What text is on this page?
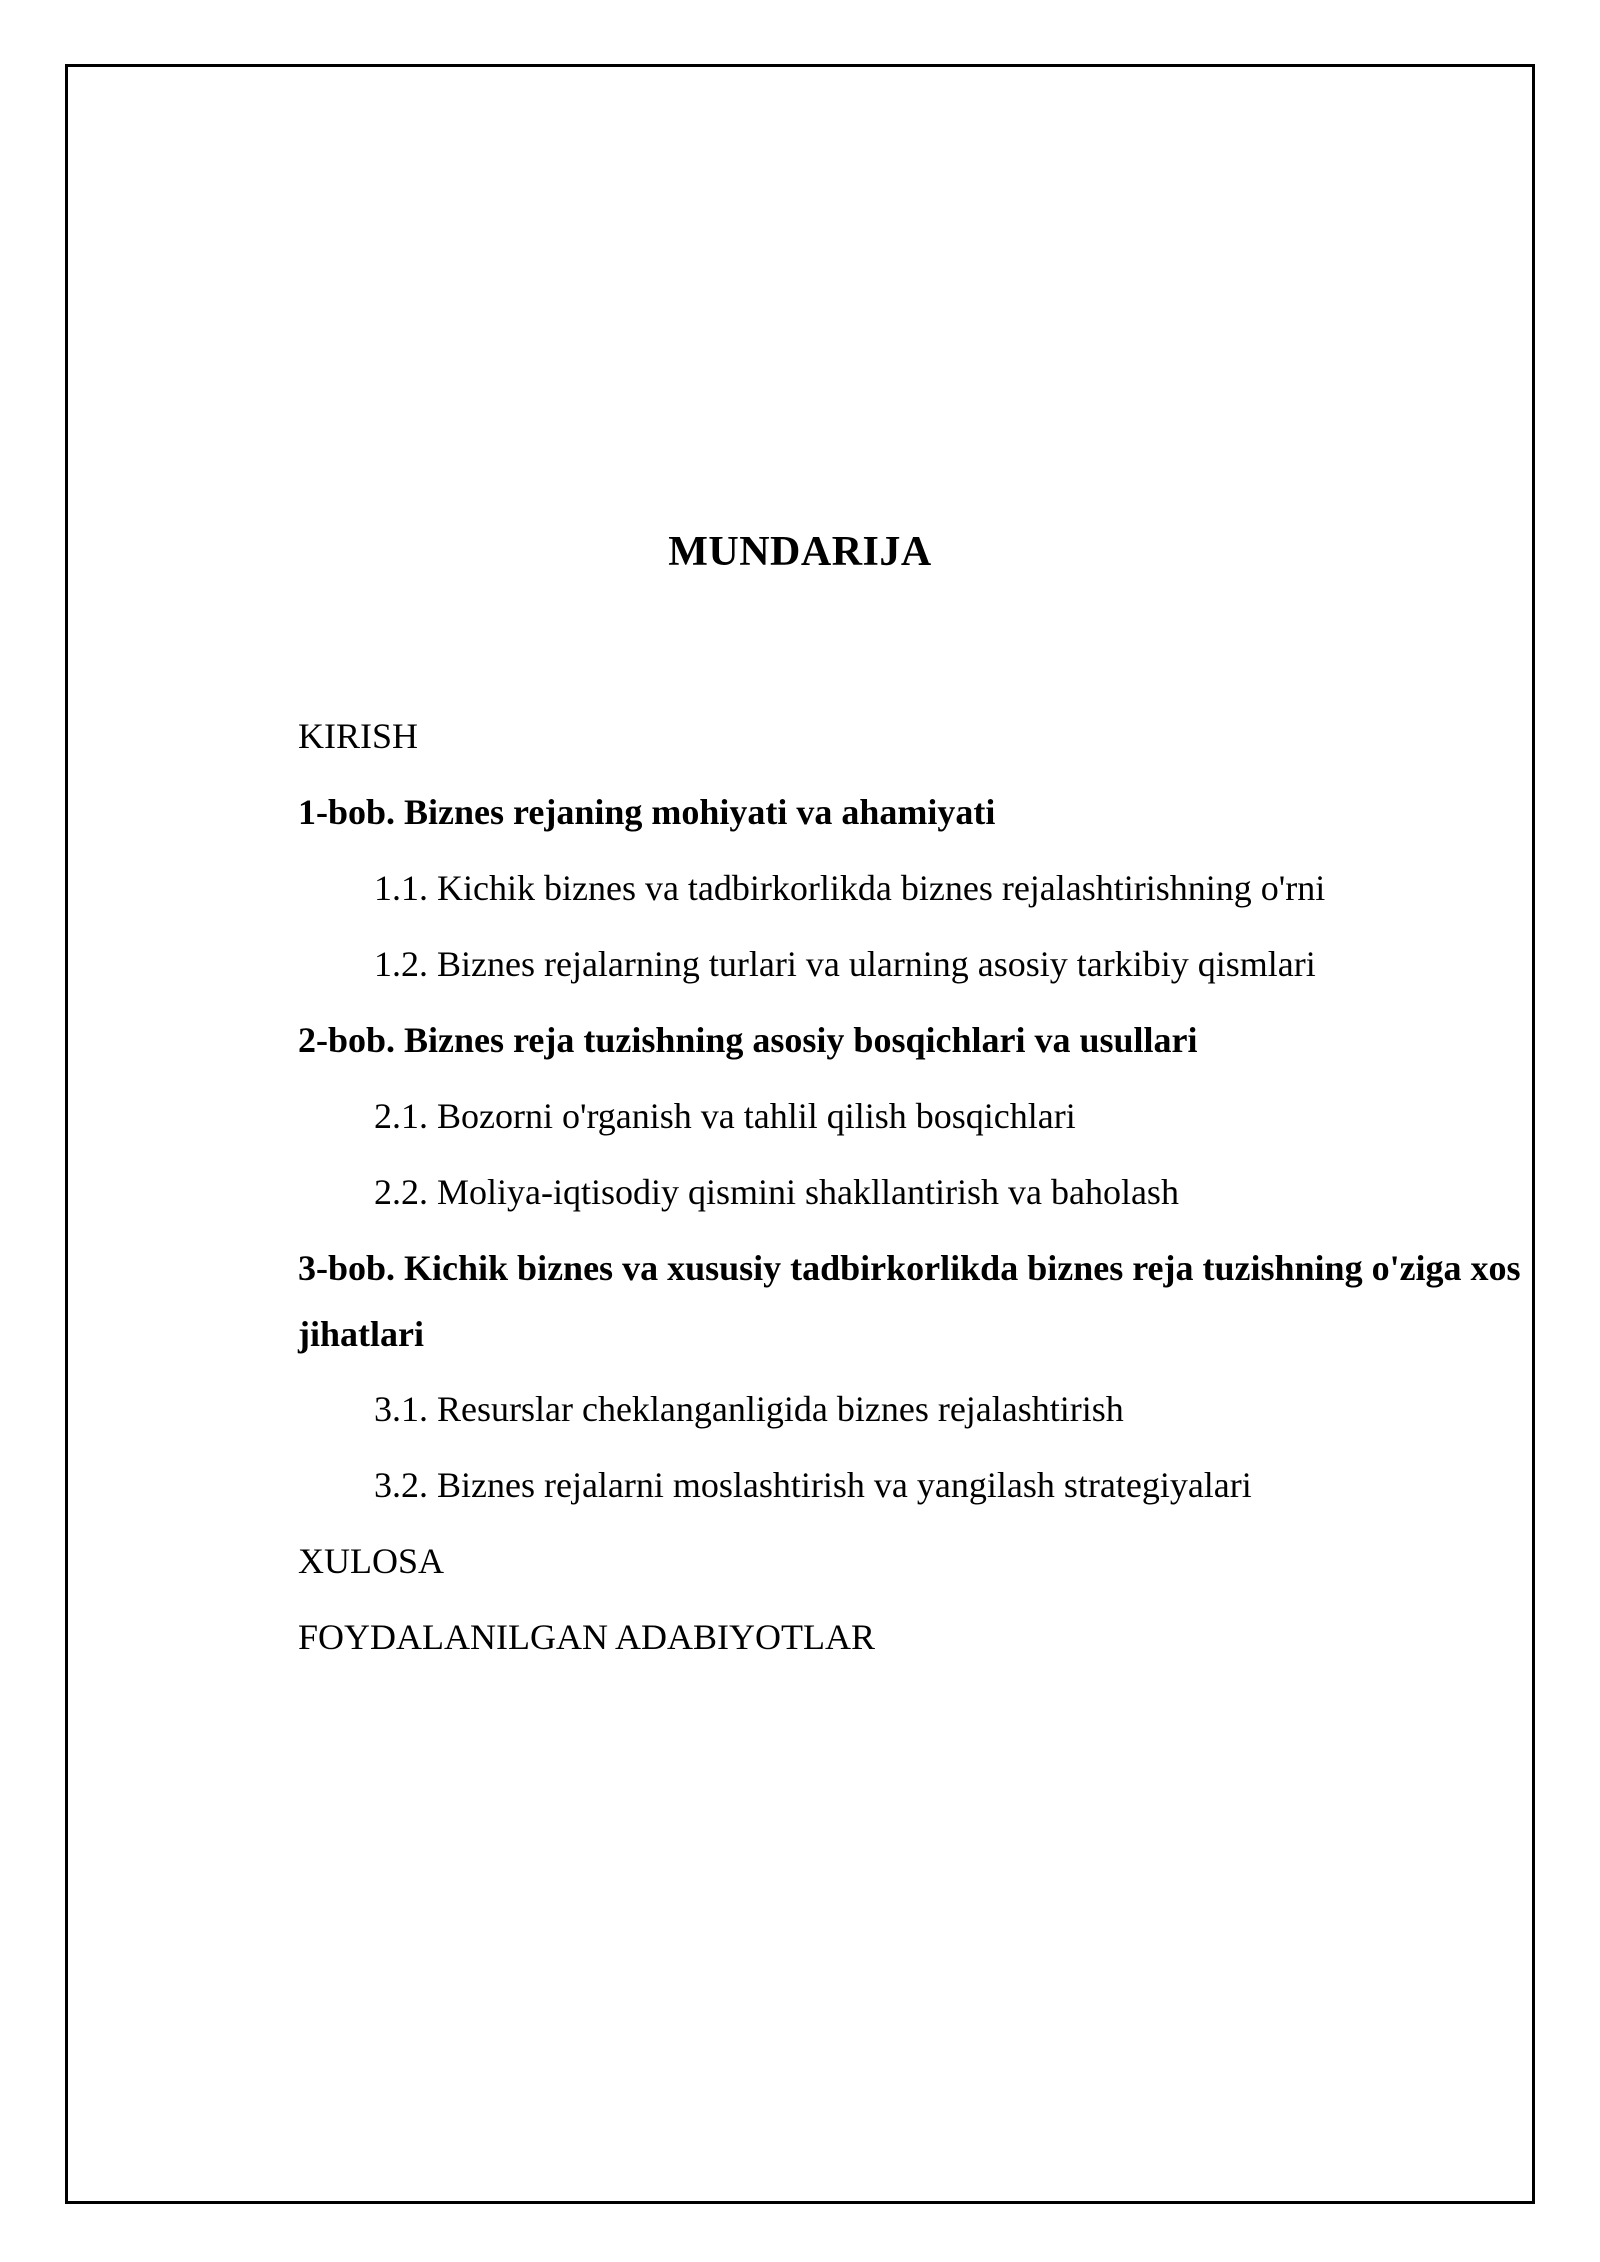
MUNDARIJA
KIRISH
1-bob. Biznes rejaning mohiyati va ahamiyati
1.1. Kichik biznes va tadbirkorlikda biznes rejalashtirishning o'rni
1.2. Biznes rejalarning turlari va ularning asosiy tarkibiy qismlari
2-bob. Biznes reja tuzishning asosiy bosqichlari va usullari
2.1. Bozorni o'rganish va tahlil qilish bosqichlari
2.2. Moliya-iqtisodiy qismini shakllantirish va baholash
3-bob. Kichik biznes va xususiy tadbirkorlikda biznes reja tuzishning o'ziga xos jihatlari
3.1. Resurslar cheklanganligida biznes rejalashtirish
3.2. Biznes rejalarni moslashtirish va yangilash strategiyalari
XULOSA
FOYDALANILGAN ADABIYOTLAR
